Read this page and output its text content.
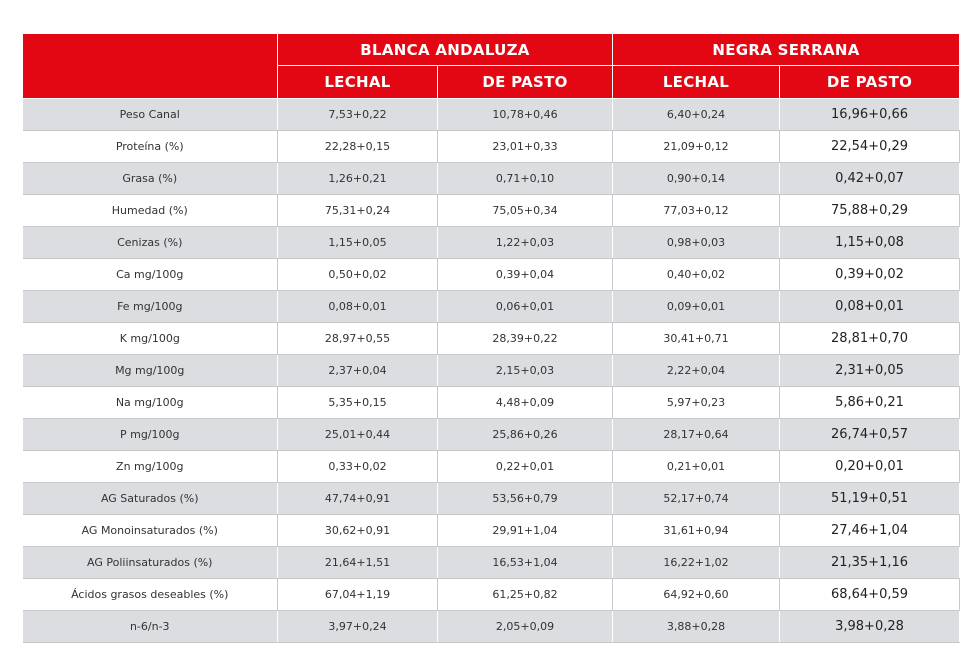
	BLANCA ANDALUZA		NEGRA SERRANA	
	LECHAL	DE PASTO	LECHAL	DE PASTO
Peso Canal	7,53+0,22	10,78+0,46	6,40+0,24	16,96+0,66
Proteína (%)	22,28+0,15	23,01+0,33	21,09+0,12	22,54+0,29
Grasa (%)	1,26+0,21	0,71+0,10	0,90+0,14	0,42+0,07
Humedad (%)	75,31+0,24	75,05+0,34	77,03+0,12	75,88+0,29
Cenizas (%)	1,15+0,05	1,22+0,03	0,98+0,03	1,15+0,08
Ca mg/100g	0,50+0,02	0,39+0,04	0,40+0,02	0,39+0,02
Fe mg/100g	0,08+0,01	0,06+0,01	0,09+0,01	0,08+0,01
K mg/100g	28,97+0,55	28,39+0,22	30,41+0,71	28,81+0,70
Mg mg/100g	2,37+0,04	2,15+0,03	2,22+0,04	2,31+0,05
Na mg/100g	5,35+0,15	4,48+0,09	5,97+0,23	5,86+0,21
P mg/100g	25,01+0,44	25,86+0,26	28,17+0,64	26,74+0,57
Zn mg/100g	0,33+0,02	0,22+0,01	0,21+0,01	0,20+0,01
AG Saturados (%)	47,74+0,91	53,56+0,79	52,17+0,74	51,19+0,51
AG Monoinsaturados (%)	30,62+0,91	29,91+1,04	31,61+0,94	27,46+1,04
AG Poliinsaturados (%)	21,64+1,51	16,53+1,04	16,22+1,02	21,35+1,16
Ácidos grasos deseables (%)	67,04+1,19	61,25+0,82	64,92+0,60	68,64+0,59
n-6/n-3	3,97+0,24	2,05+0,09	3,88+0,28	3,98+0,28
